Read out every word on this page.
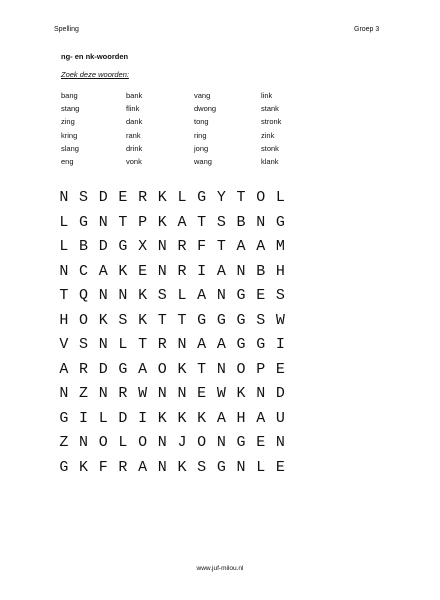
Spelling	Groep 3
ng- en nk-woorden
Zoek deze woorden:
bang	bank	vang	link
stang	flink	dwong	stank
zing	dank	tong	stronk
kring	rank	ring	zink
slang	drink	jong	stonk
eng	vonk	wang	klank
N S D E R K L G Y T O L
L G N T P K A T S B N G
L B D G X N R F T A A M
N C A K E N R I A N B H
T Q N N K S L A N G E S
H O K S K T T G G G S W
V S N L T R N A A G G I
A R D G A O K T N O P E
N Z N R W N N E W K N D
G I L D I K K K A H A U
Z N O L O N J O N G E N
G K F R A N K S G N L E
www.juf-milou.nl
